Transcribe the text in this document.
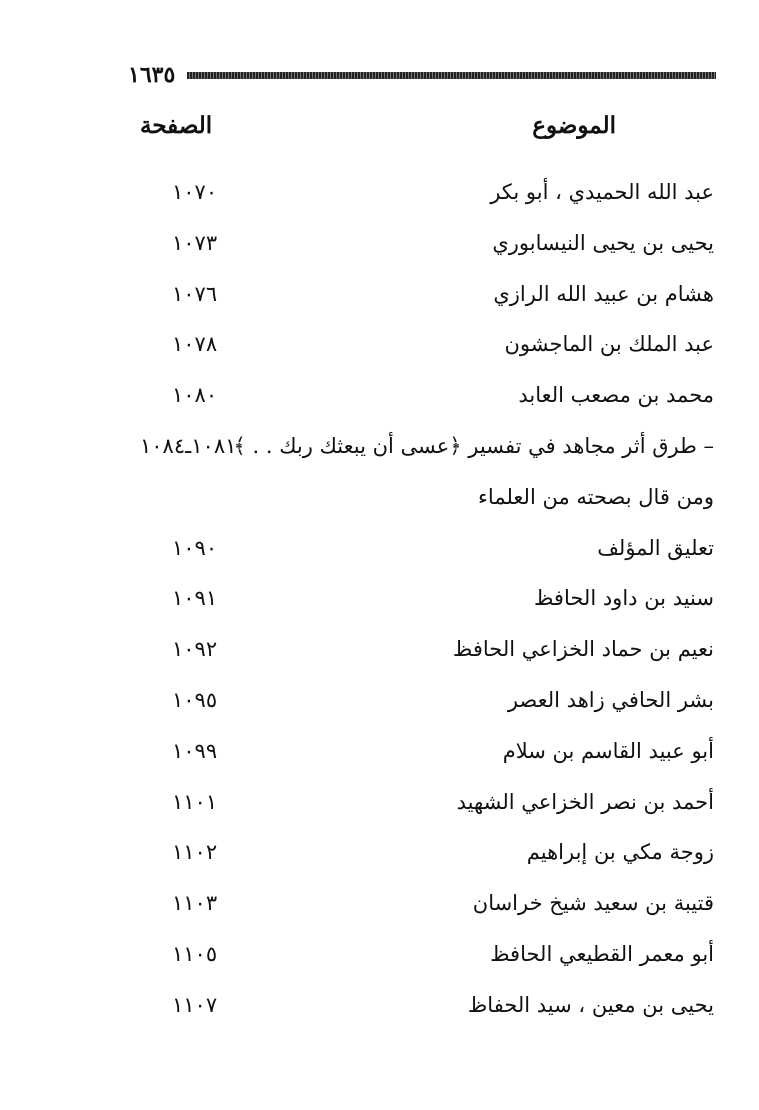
١٦٣٥
الموضوع
الصفحة
عبد الله الحميدي ، أبو بكر
١٠٧٠
يحيى بن يحيى النيسابوري
١٠٧٣
هشام بن عبيد الله الرازي
١٠٧٦
عبد الملك بن الماجشون
١٠٧٨
محمد بن مصعب العابد
١٠٨٠
– طرق أثر مجاهد في تفسير ﴿عسى أن يبعثك ربك . . ﴾
١٠٨١ـ١٠٨٤
ومن قال بصحته من العلماء
تعليق المؤلف
١٠٩٠
سنيد بن داود الحافظ
١٠٩١
نعيم بن حماد الخزاعي الحافظ
١٠٩٢
بشر الحافي زاهد العصر
١٠٩٥
أبو عبيد القاسم بن سلام
١٠٩٩
أحمد بن نصر الخزاعي الشهيد
١١٠١
زوجة مكي بن إبراهيم
١١٠٢
قتيبة بن سعيد شيخ خراسان
١١٠٣
أبو معمر القطيعي الحافظ
١١٠٥
يحيى بن معين ، سيد الحفاظ
١١٠٧
